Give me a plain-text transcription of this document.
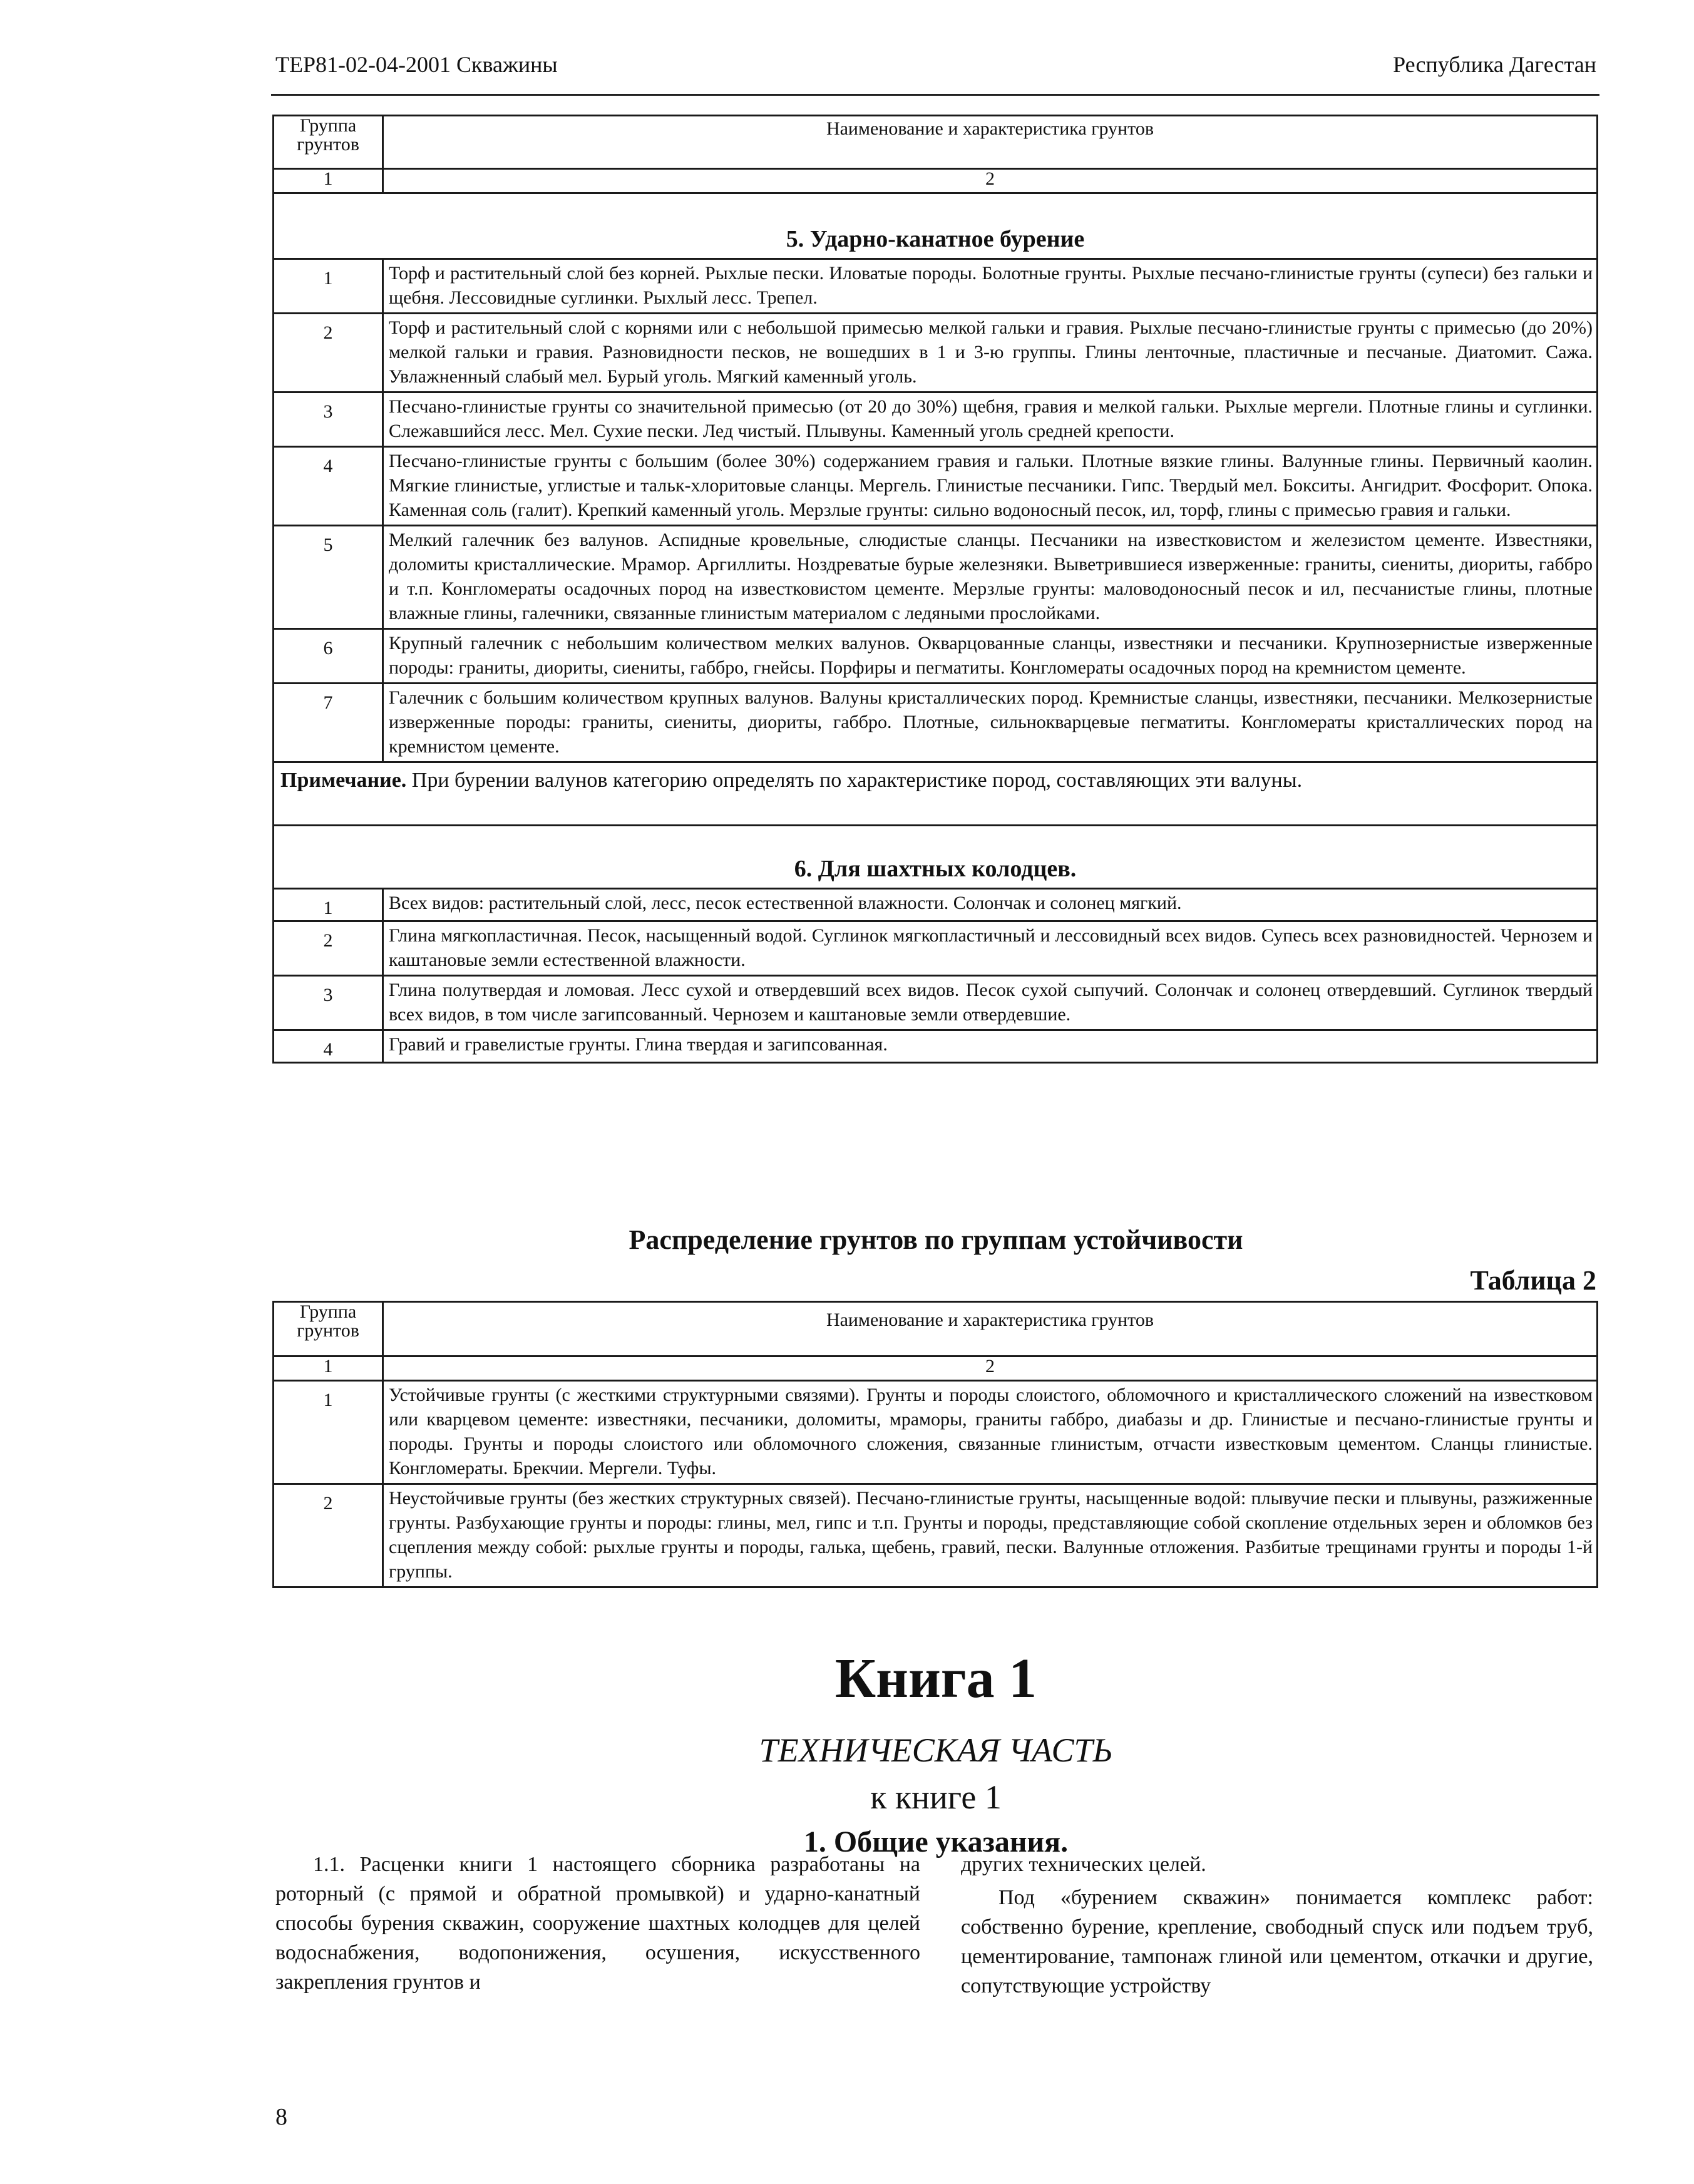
ТЕР81-02-04-2001 Скважины	Республика Дагестан
Группа грунтов	Наименование и характеристика грунтов
1	2
5. Ударно-канатное бурение	
1	Торф и растительный слой без корней. Рыхлые пески. Иловатые породы. Болотные грунты. Рыхлые песчано-глинистые грунты (супеси) без гальки и щебня. Лессовидные суглинки. Рыхлый лесс. Трепел.
2	Торф и растительный слой с корнями или с небольшой примесью мелкой гальки и гравия. Рыхлые песчано-глинистые грунты с примесью (до 20%) мелкой гальки и гравия. Разновидности песков, не вошедших в 1 и 3-ю группы. Глины ленточные, пластичные и песчаные. Диатомит. Сажа. Увлажненный слабый мел. Бурый уголь. Мягкий каменный уголь.
3	Песчано-глинистые грунты со значительной примесью (от 20 до 30%) щебня, гравия и мелкой гальки. Рыхлые мергели. Плотные глины и суглинки. Слежавшийся лесс. Мел. Сухие пески. Лед чистый. Плывуны. Каменный уголь средней крепости.
4	Песчано-глинистые грунты с большим (более 30%) содержанием гравия и гальки. Плотные вязкие глины. Валунные глины. Первичный каолин. Мягкие глинистые, углистые и тальк-хлоритовые сланцы. Мергель. Глинистые песчаники. Гипс. Твердый мел. Бокситы. Ангидрит. Фосфорит. Опока. Каменная соль (галит). Крепкий каменный уголь. Мерзлые грунты: сильно водоносный песок, ил, торф, глины с примесью гравия и гальки.
5	Мелкий галечник без валунов. Аспидные кровельные, слюдистые сланцы. Песчаники на известковистом и железистом цементе. Известняки, доломиты кристаллические. Мрамор. Аргиллиты. Ноздреватые бурые железняки. Выветрившиеся изверженные: граниты, сиениты, диориты, габбро и т.п. Конгломераты осадочных пород на известковистом цементе. Мерзлые грунты: маловодоносный песок и ил, песчанистые глины, плотные влажные глины, галечники, связанные глинистым материалом с ледяными прослойками.
6	Крупный галечник с небольшим количеством мелких валунов. Окварцованные сланцы, известняки и песчаники. Крупнозернистые изверженные породы: граниты, диориты, сиениты, габбро, гнейсы. Порфиры и пегматиты. Конгломераты осадочных пород на кремнистом цементе.
7	Галечник с большим количеством крупных валунов. Валуны кристаллических пород. Кремнистые сланцы, известняки, песчаники. Мелкозернистые изверженные породы: граниты, сиениты, диориты, габбро. Плотные, сильнокварцевые пегматиты. Конгломераты кристаллических пород на кремнистом цементе.
Примечание. При бурении валунов категорию определять по характеристике пород, составляющих эти валуны.	
6. Для шахтных колодцев.	
1	Всех видов: растительный слой, лесс, песок естественной влажности. Солончак и солонец мягкий.
2	Глина мягкопластичная. Песок, насыщенный водой. Суглинок мягкопластичный и лессовидный всех видов. Супесь всех разновидностей. Чернозем и каштановые земли естественной влажности.
3	Глина полутвердая и ломовая. Лесс сухой и отвердевший всех видов. Песок сухой сыпучий. Солончак и солонец отвердевший. Суглинок твердый всех видов, в том числе загипсованный. Чернозем и каштановые земли отвердевшие.
4	Гравий и гравелистые грунты. Глина твердая и загипсованная.
Распределение грунтов по группам устойчивости
Таблица 2
Группа грунтов	Наименование и характеристика грунтов
1	2
1	Устойчивые грунты (с жесткими структурными связями). Грунты и породы слоистого, обломочного и кристаллического сложений на известковом или кварцевом цементе: известняки, песчаники, доломиты, мраморы, граниты габбро, диабазы и др. Глинистые и песчано-глинистые грунты и породы. Грунты и породы слоистого или обломочного сложения, связанные глинистым, отчасти известковым цементом. Сланцы глинистые. Конгломераты. Брекчии. Мергели. Туфы.
2	Неустойчивые грунты (без жестких структурных связей). Песчано-глинистые грунты, насыщенные водой: плывучие пески и плывуны, разжиженные грунты. Разбухающие грунты и породы: глины, мел, гипс и т.п. Грунты и породы, представляющие собой скопление отдельных зерен и обломков без сцепления между собой: рыхлые грунты и породы, галька, щебень, гравий, пески. Валунные отложения. Разбитые трещинами грунты и породы 1-й группы.
Книга 1
ТЕХНИЧЕСКАЯ ЧАСТЬ
к книге 1
1. Общие указания.
1.1. Расценки книги 1 настоящего сборника разработаны на роторный (с прямой и обратной промывкой) и ударно-канатный способы бурения скважин, сооружение шахтных колодцев для целей водоснабжения, водопонижения, осушения, искусственного закрепления грунтов и

других технических целей.

Под «бурением скважин» понимается комплекс работ: собственно бурение, крепление, свободный спуск или подъем труб, цементирование, тампонаж глиной или цементом, откачки и другие, сопутствующие устройству

8
